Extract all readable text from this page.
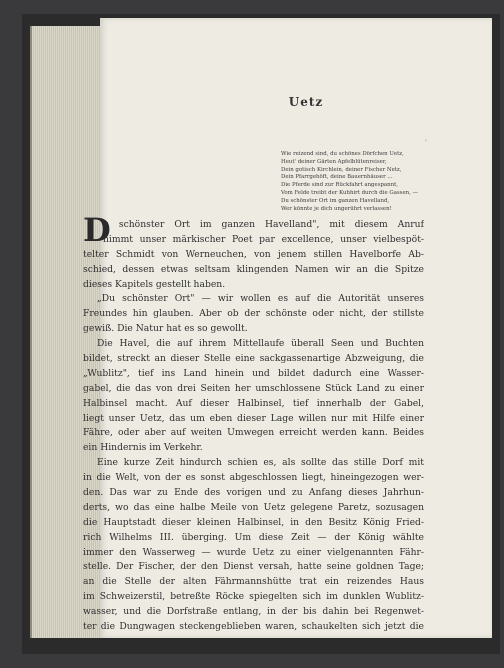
Uetz
‚
Wie reizend sind, du schönes Dörfchen Uetz,
Heut' deiner Gärten Apfelblütenreiser,
Dein gotisch Kirchlein, deiner Fischer Netz,
Dein Pfarrgehöft, deine Bauernhäuser ...
Die Pferde sind zur Rückfahrt angespannt,
Vom Felde treibt der Kuhhirt durch die Gassen, —
Du schönster Ort im ganzen Havelland,
Wer könnte je dich ungerührt verlassen!
D
u schönster Ort im ganzen Havelland", mit diesem Anruf
nimmt unser märkischer Poet par excellence, unser vielbespöt-
telter Schmidt von Werneuchen, von jenem stillen Havelborfe Ab-
schied, dessen etwas seltsam klingenden Namen wir an die Spitze
dieses Kapitels gestellt haben.
„Du schönster Ort" — wir wollen es auf die Autorität unseres
Freundes hin glauben. Aber ob der schönste oder nicht, der stillste
gewiß. Die Natur hat es so gewollt.
Die Havel, die auf ihrem Mittellaufe überall Seen und Buchten
bildet, streckt an dieser Stelle eine sackgassenartige Abzweigung, die
„Wublitz", tief ins Land hinein und bildet dadurch eine Wasser-
gabel, die das von drei Seiten her umschlossene Stück Land zu einer
Halbinsel macht. Auf dieser Halbinsel, tief innerhalb der Gabel,
liegt unser Uetz, das um eben dieser Lage willen nur mit Hilfe einer
Fähre, oder aber auf weiten Umwegen erreicht werden kann. Beides
ein Hindernis im Verkehr.
Eine kurze Zeit hindurch schien es, als sollte das stille Dorf mit
in die Welt, von der es sonst abgeschlossen liegt, hineingezogen wer-
den. Das war zu Ende des vorigen und zu Anfang dieses Jahrhun-
derts, wo das eine halbe Meile von Uetz gelegene Paretz, sozusagen
die Hauptstadt dieser kleinen Halbinsel, in den Besitz König Fried-
rich Wilhelms III. überging. Um diese Zeit — der König wählte
immer den Wasserweg — wurde Uetz zu einer vielgenannten Fähr-
stelle. Der Fischer, der den Dienst versah, hatte seine goldnen Tage;
an die Stelle der alten Fährmannshütte trat ein reizendes Haus
im Schweizerstil, betreßte Röcke spiegelten sich im dunklen Wublitz-
wasser, und die Dorfstraße entlang, in der bis dahin bei Regenwet-
ter die Dungwagen steckengeblieben waren, schaukelten sich jetzt die
